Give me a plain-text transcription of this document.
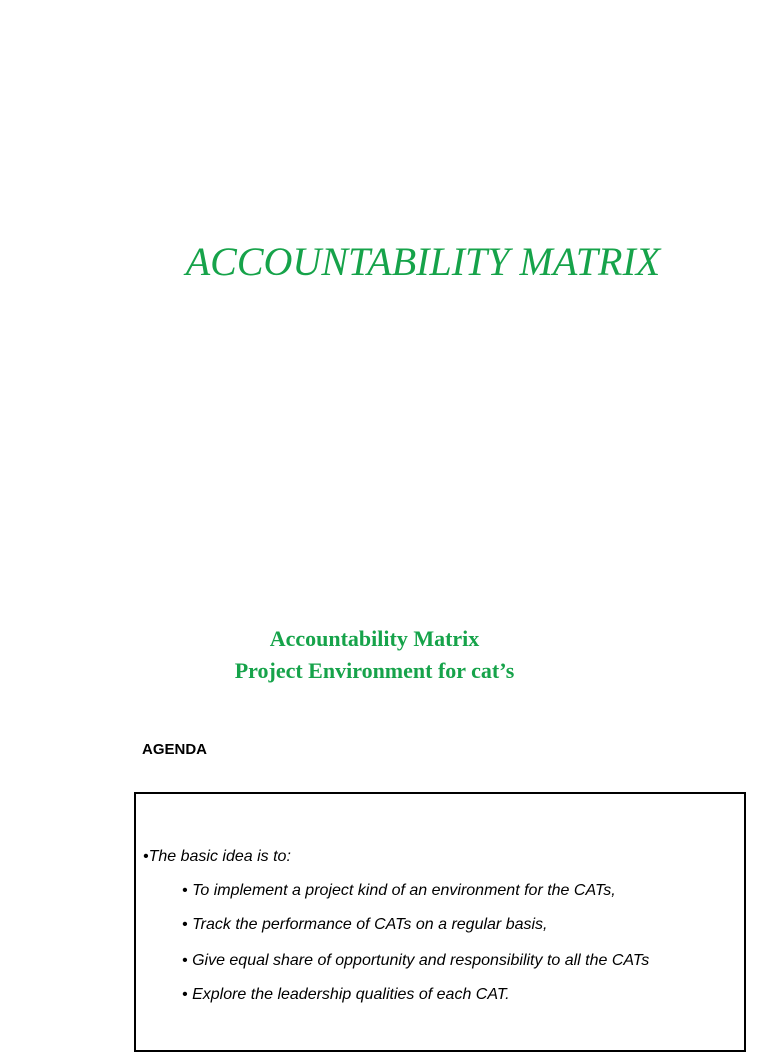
ACCOUNTABILITY MATRIX
Accountability Matrix
Project Environment for cat’s
AGENDA
•The basic idea is to:
• To implement a project kind of an environment for the CATs,
• Track the performance of CATs on a regular basis,
• Give equal share of opportunity and responsibility to all the CATs
• Explore the leadership qualities of each CAT.
